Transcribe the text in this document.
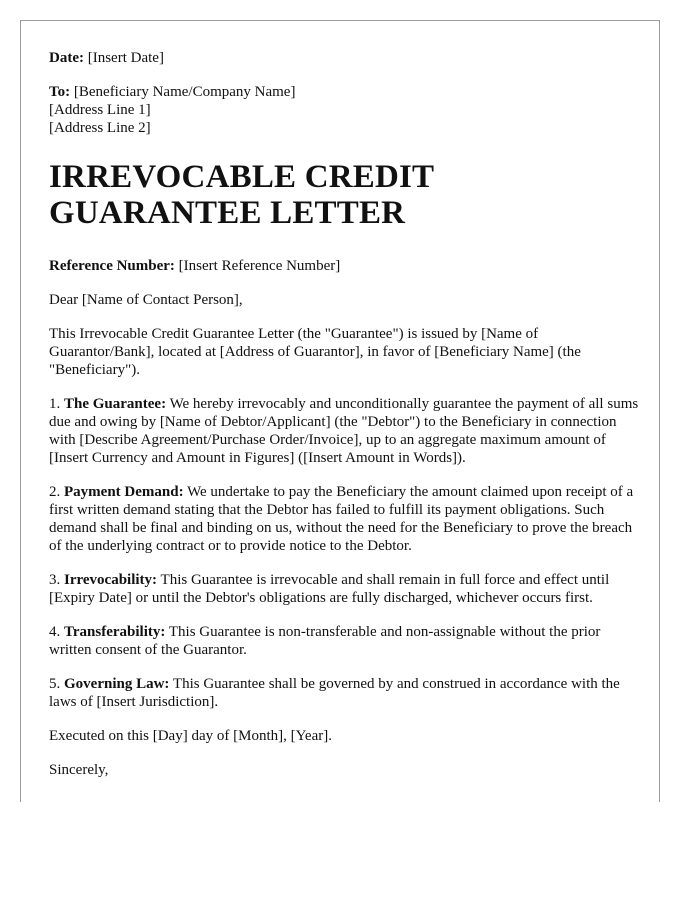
Date: [Insert Date]

To: [Beneficiary Name/Company Name]
[Address Line 1]
[Address Line 2]

IRREVOCABLE CREDIT GUARANTEE LETTER

Reference Number: [Insert Reference Number]

Dear [Name of Contact Person],

This Irrevocable Credit Guarantee Letter (the "Guarantee") is issued by [Name of Guarantor/Bank], located at [Address of Guarantor], in favor of [Beneficiary Name] (the "Beneficiary").

1. The Guarantee: We hereby irrevocably and unconditionally guarantee the payment of all sums due and owing by [Name of Debtor/Applicant] (the "Debtor") to the Beneficiary in connection with [Describe Agreement/Purchase Order/Invoice], up to an aggregate maximum amount of [Insert Currency and Amount in Figures] ([Insert Amount in Words]).

2. Payment Demand: We undertake to pay the Beneficiary the amount claimed upon receipt of a first written demand stating that the Debtor has failed to fulfill its payment obligations. Such demand shall be final and binding on us, without the need for the Beneficiary to prove the breach of the underlying contract or to provide notice to the Debtor.

3. Irrevocability: This Guarantee is irrevocable and shall remain in full force and effect until [Expiry Date] or until the Debtor's obligations are fully discharged, whichever occurs first.

4. Transferability: This Guarantee is non-transferable and non-assignable without the prior written consent of the Guarantor.

5. Governing Law: This Guarantee shall be governed by and construed in accordance with the laws of [Insert Jurisdiction].

Executed on this [Day] day of [Month], [Year].

Sincerely,
